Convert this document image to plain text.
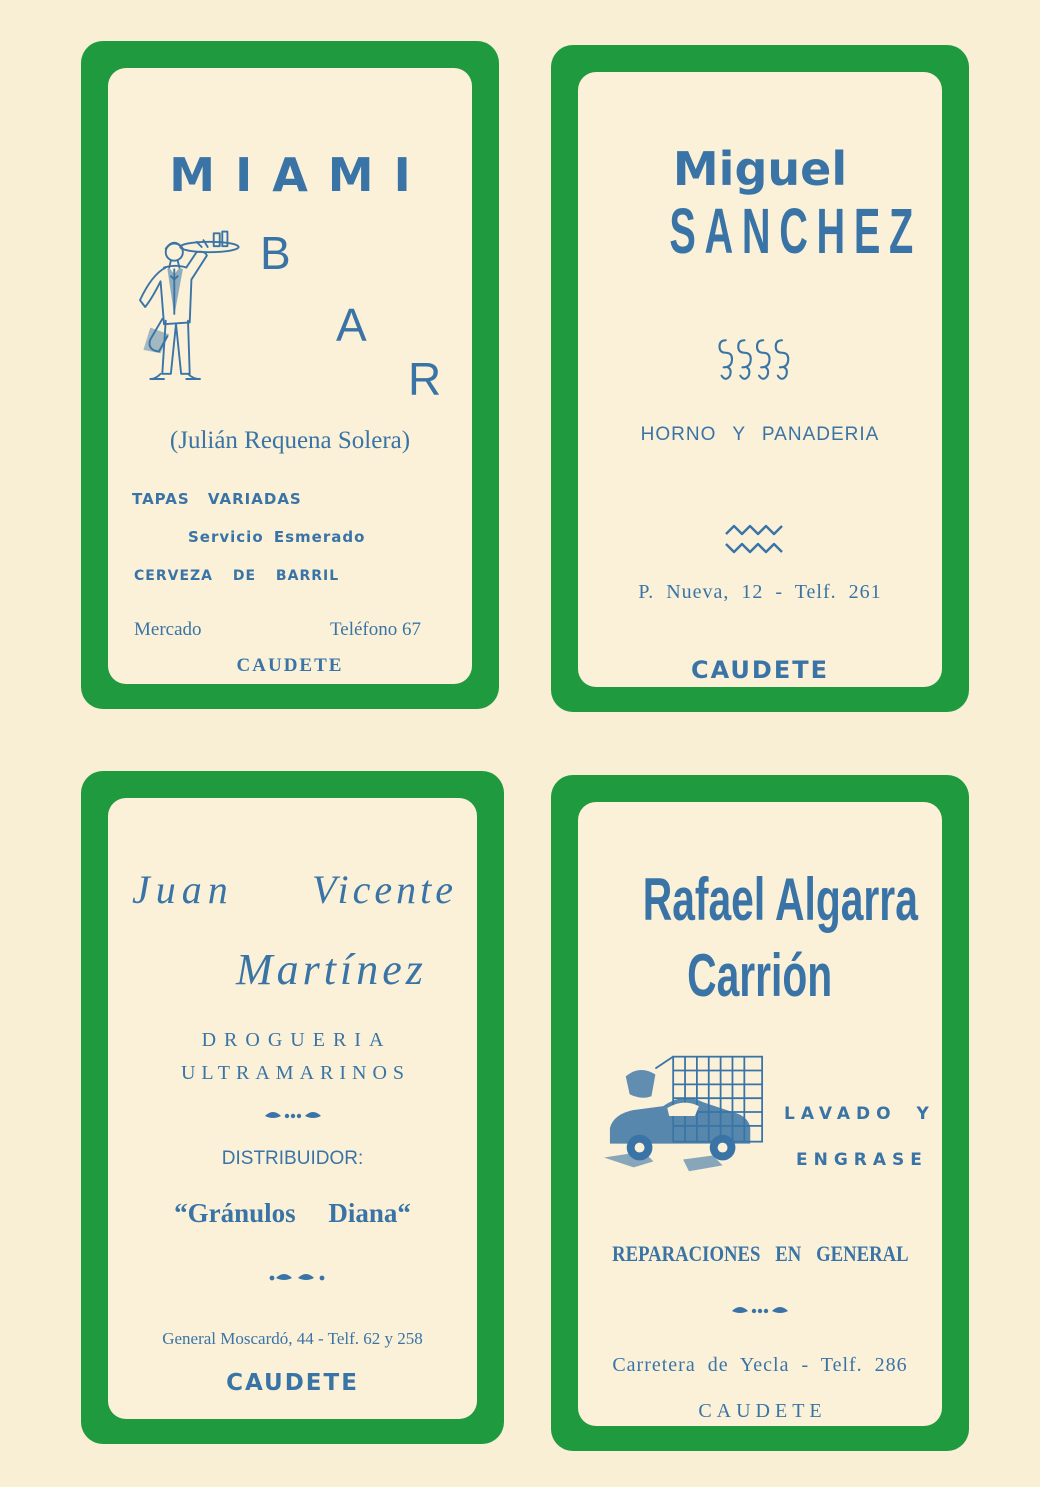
MIAMI
B
A
R
(Julián Requena Solera)
TAPAS VARIADAS
Servicio Esmerado
CERVEZA DE BARRIL
Mercado	Teléfono 67
CAUDETE
Miguel
SANCHEZ
HORNO Y PANADERIA
P. Nueva, 12 - Telf. 261
CAUDETE
Juan Vicente
Martínez
DROGUERIA
ULTRAMARINOS
DISTRIBUIDOR:
“Gránulos Diana“
General Moscardó, 44 - Telf. 62 y 258
CAUDETE
Rafael Algarra
Carrión
LAVADO Y
ENGRASE
REPARACIONES EN GENERAL
Carretera de Yecla - Telf. 286
CAUDETE
